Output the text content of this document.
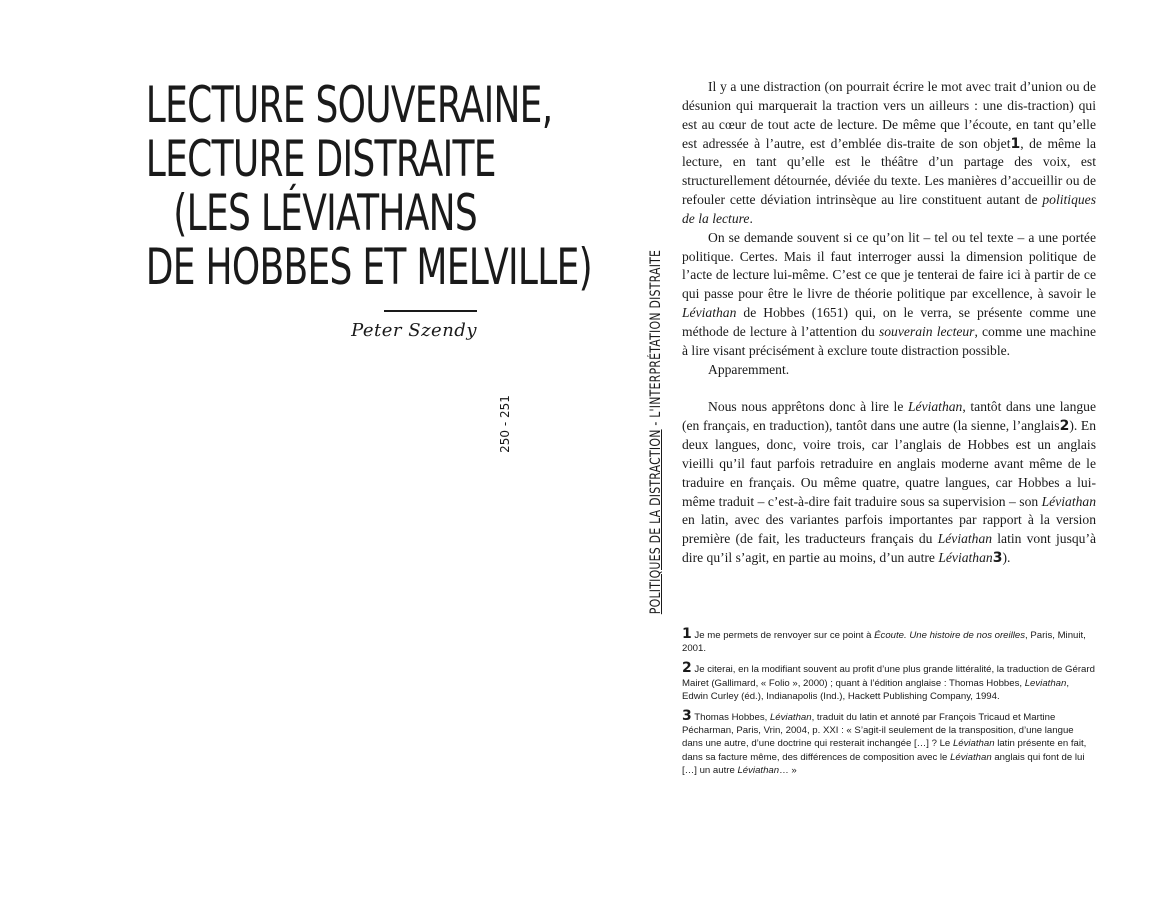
LECTURE SOUVERAINE,
LECTURE DISTRAITE
(LES LÉVIATHANS
DE HOBBES ET MELVILLE)
Peter Szendy
POLITIQUES DE LA DISTRACTION - L'INTERPRÉTATION DISTRAITE
250 - 251

Il y a une distraction (on pourrait écrire le mot avec trait d’union ou de désunion qui marquerait la traction vers un ailleurs : une dis-traction) qui est au cœur de tout acte de lecture. De même que l’écoute, en tant qu’elle est adressée à l’autre, est d’emblée dis-traite de son objet1, de même la lecture, en tant qu’elle est le théâtre d’un partage des voix, est structurellement détournée, déviée du texte. Les manières d’accueillir ou de refouler cette déviation intrinsèque au lire constituent autant de politiques de la lecture.

On se demande souvent si ce qu’on lit – tel ou tel texte – a une portée politique. Certes. Mais il faut interroger aussi la dimension politique de l’acte de lecture lui-même. C’est ce que je tenterai de faire ici à partir de ce qui passe pour être le livre de théorie politique par excellence, à savoir le Léviathan de Hobbes (1651) qui, on le verra, se présente comme une méthode de lecture à l’attention du souverain lecteur, comme une machine à lire visant précisément à exclure toute distraction possible.

Apparemment.

Nous nous apprêtons donc à lire le Léviathan, tantôt dans une langue (en français, en traduction), tantôt dans une autre (la sienne, l’anglais2). En deux langues, donc, voire trois, car l’anglais de Hobbes est un anglais vieilli qu’il faut parfois retraduire en anglais moderne avant même de le traduire en français. Ou même quatre, quatre langues, car Hobbes a lui-même traduit – c’est-à-dire fait traduire sous sa supervision – son Léviathan en latin, avec des variantes parfois importantes par rapport à la version première (de fait, les traducteurs français du Léviathan latin vont jusqu’à dire qu’il s’agit, en partie au moins, d’un autre Léviathan3).

1 Je me permets de renvoyer sur ce point à Écoute. Une histoire de nos oreilles, Paris, Minuit, 2001.

2 Je citerai, en la modifiant souvent au profit d’une plus grande littéralité, la traduction de Gérard Mairet (Gallimard, « Folio », 2000) ; quant à l’édition anglaise : Thomas Hobbes, Leviathan, Edwin Curley (éd.), Indianapolis (Ind.), Hackett Publishing Company, 1994.

3 Thomas Hobbes, Léviathan, traduit du latin et annoté par François Tricaud et Martine Pécharman, Paris, Vrin, 2004, p. XXI : « S’agit-il seulement de la transposition, d’une langue dans une autre, d’une doctrine qui resterait inchangée […] ? Le Léviathan latin présente en fait, dans sa facture même, des différences de composition avec le Léviathan anglais qui font de lui […] un autre Léviathan… »
